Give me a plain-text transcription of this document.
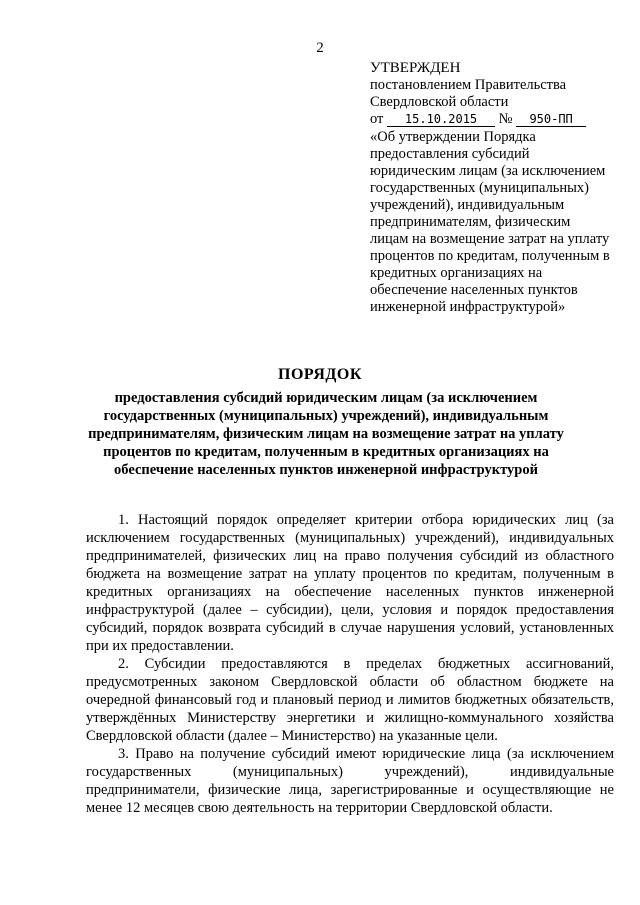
2
УТВЕРЖДЕН
постановлением Правительства
Свердловской области
от 15.10.2015 № 950-ПП
«Об утверждении Порядка предоставления субсидий юридическим лицам (за исключением государственных (муниципальных) учреждений), индивидуальным предпринимателям, физическим лицам на возмещение затрат на уплату процентов по кредитам, полученным в кредитных организациях на обеспечение населенных пунктов инженерной инфраструктурой»
ПОРЯДОК
предоставления субсидий юридическим лицам (за исключением государственных (муниципальных) учреждений), индивидуальным предпринимателям, физическим лицам на возмещение затрат на уплату процентов по кредитам, полученным в кредитных организациях на обеспечение населенных пунктов инженерной инфраструктурой

1. Настоящий порядок определяет критерии отбора юридических лиц (за исключением государственных (муниципальных) учреждений), индивидуальных предпринимателей, физических лиц на право получения субсидий из областного бюджета на возмещение затрат на уплату процентов по кредитам, полученным в кредитных организациях на обеспечение населенных пунктов инженерной инфраструктурой (далее – субсидии), цели, условия и порядок предоставления субсидий, порядок возврата субсидий в случае нарушения условий, установленных при их предоставлении.

2. Субсидии предоставляются в пределах бюджетных ассигнований, предусмотренных законом Свердловской области об областном бюджете на очередной финансовый год и плановый период и лимитов бюджетных обязательств, утверждённых Министерству энергетики и жилищно-коммунального хозяйства Свердловской области (далее – Министерство) на указанные цели.

3. Право на получение субсидий имеют юридические лица (за исключением государственных (муниципальных) учреждений), индивидуальные предприниматели, физические лица, зарегистрированные и осуществляющие не менее 12 месяцев свою деятельность на территории Свердловской области.
